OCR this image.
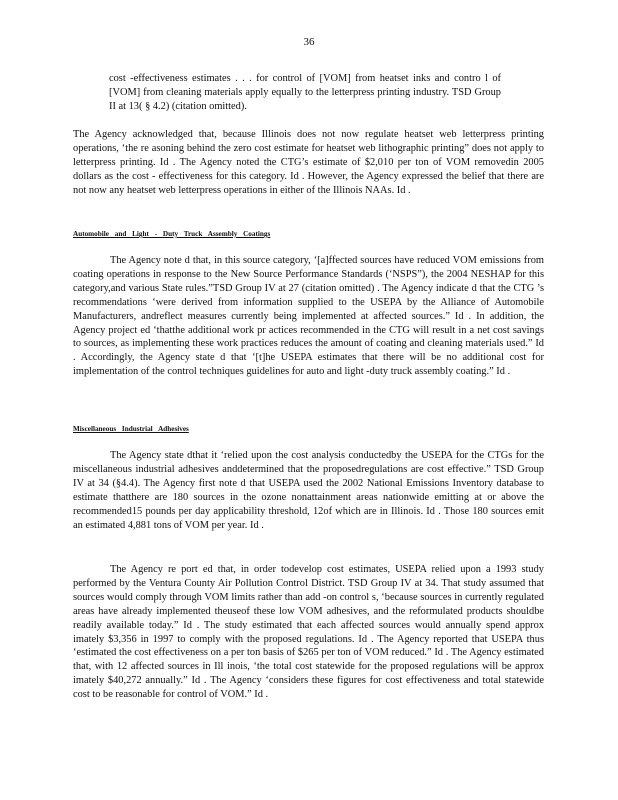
36
cost -effectiveness estimates . . . for control of [VOM] from heatset inks and contro l of [VOM] from cleaning materials apply equally to the letterpress printing industry. TSD Group II at 13( § 4.2) (citation omitted).
The Agency acknowledged that, because Illinois does not now regulate heatset web letterpress printing operations, ‘the re asoning behind the zero cost estimate for heatset web lithographic printing” does not apply to letterpress printing. Id . The Agency noted the CTG’s estimate of $2,010 per ton of VOM removedin 2005 dollars as the cost - effectiveness for this category. Id . However, the Agency expressed the belief that there are not now any heatset web letterpress operations in either of the Illinois NAAs. Id .
Automobile and Light - Duty Truck Assembly Coatings
The Agency note d that, in this source category, ‘[a]ffected sources have reduced VOM emissions from coating operations in response to the New Source Performance Standards (‘NSPS”), the 2004 NESHAP for this category,and various State rules.”TSD Group IV at 27 (citation omitted) . The Agency indicate d that the CTG ’s recommendations ‘were derived from information supplied to the USEPA by the Alliance of Automobile Manufacturers, andreflect measures currently being implemented at affected sources.” Id . In addition, the Agency project ed ‘thatthe additional work pr actices recommended in the CTG will result in a net cost savings to sources, as implementing these work practices reduces the amount of coating and cleaning materials used.” Id . Accordingly, the Agency state d that ‘[t]he USEPA estimates that there will be no additional cost for implementation of the control techniques guidelines for auto and light -duty truck assembly coating.” Id .
Miscellaneous Industrial Adhesives
The Agency state dthat it ‘relied upon the cost analysis conductedby the USEPA for the CTGs for the miscellaneous industrial adhesives anddetermined that the proposedregulations are cost effective.” TSD Group IV at 34 (§4.4). The Agency first note d that USEPA used the 2002 National Emissions Inventory database to estimate thatthere are 180 sources in the ozone nonattainment areas nationwide emitting at or above the recommended15 pounds per day applicability threshold, 12of which are in Illinois. Id . Those 180 sources emit an estimated 4,881 tons of VOM per year. Id .
The Agency re port ed that, in order todevelop cost estimates, USEPA relied upon a 1993 study performed by the Ventura County Air Pollution Control District. TSD Group IV at 34. That study assumed that sources would comply through VOM limits rather than add -on control s, ‘because sources in currently regulated areas have already implemented theuseof these low VOM adhesives, and the reformulated products shouldbe readily available today.” Id . The study estimated that each affected sources would annually spend approx imately $3,356 in 1997 to comply with the proposed regulations. Id . The Agency reported that USEPA thus ‘estimated the cost effectiveness on a per ton basis of $265 per ton of VOM reduced.” Id . The Agency estimated that, with 12 affected sources in Ill inois, ‘the total cost statewide for the proposed regulations will be approx imately $40,272 annually.” Id . The Agency ‘considers these figures for cost effectiveness and total statewide cost to be reasonable for control of VOM.” Id .
